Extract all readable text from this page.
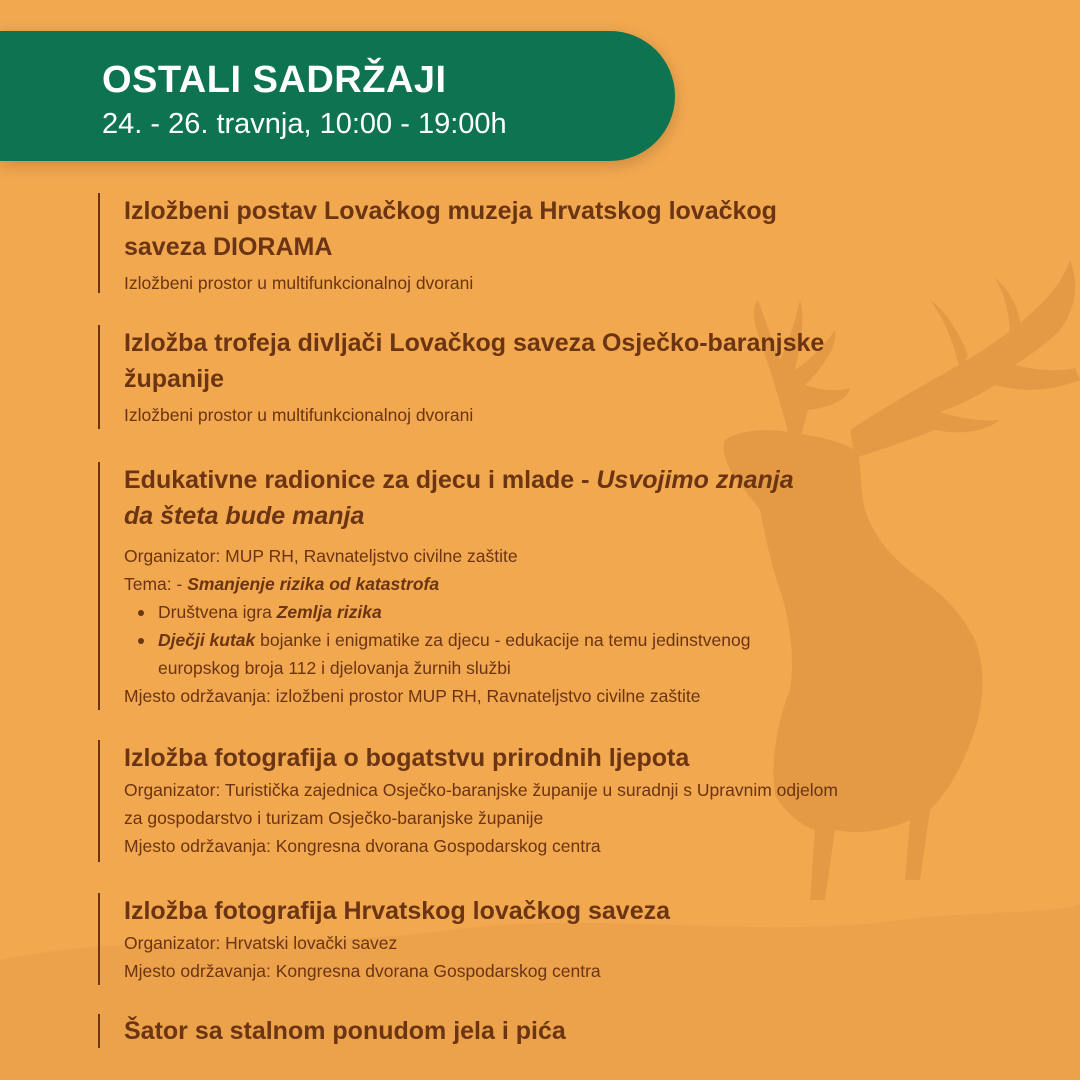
OSTALI SADRŽAJI
24. - 26. travnja, 10:00 - 19:00h

Izložbeni postav Lovačkog muzeja Hrvatskog lovačkog
saveza DIORAMA

Izložbeni prostor u multifunkcionalnoj dvorani

Izložba trofeja divljači Lovačkog saveza Osječko-baranjske
županije

Izložbeni prostor u multifunkcionalnoj dvorani

Edukativne radionice za djecu i mlade - Usvojimo znanja
da šteta bude manja

Organizator: MUP RH, Ravnateljstvo civilne zaštite

Tema: - Smanjenje rizika od katastrofa

Društvena igra Zemlja rizika
Dječji kutak bojanke i enigmatike za djecu - edukacije na temu jedinstvenog
europskog broja 112 i djelovanja žurnih službi

Mjesto održavanja: izložbeni prostor MUP RH, Ravnateljstvo civilne zaštite

Izložba fotografija o bogatstvu prirodnih ljepota

Organizator: Turistička zajednica Osječko-baranjske županije u suradnji s Upravnim odjelom
za gospodarstvo i turizam Osječko-baranjske županije

Mjesto održavanja: Kongresna dvorana Gospodarskog centra

Izložba fotografija Hrvatskog lovačkog saveza

Organizator: Hrvatski lovački savez

Mjesto održavanja: Kongresna dvorana Gospodarskog centra

Šator sa stalnom ponudom jela i pića
